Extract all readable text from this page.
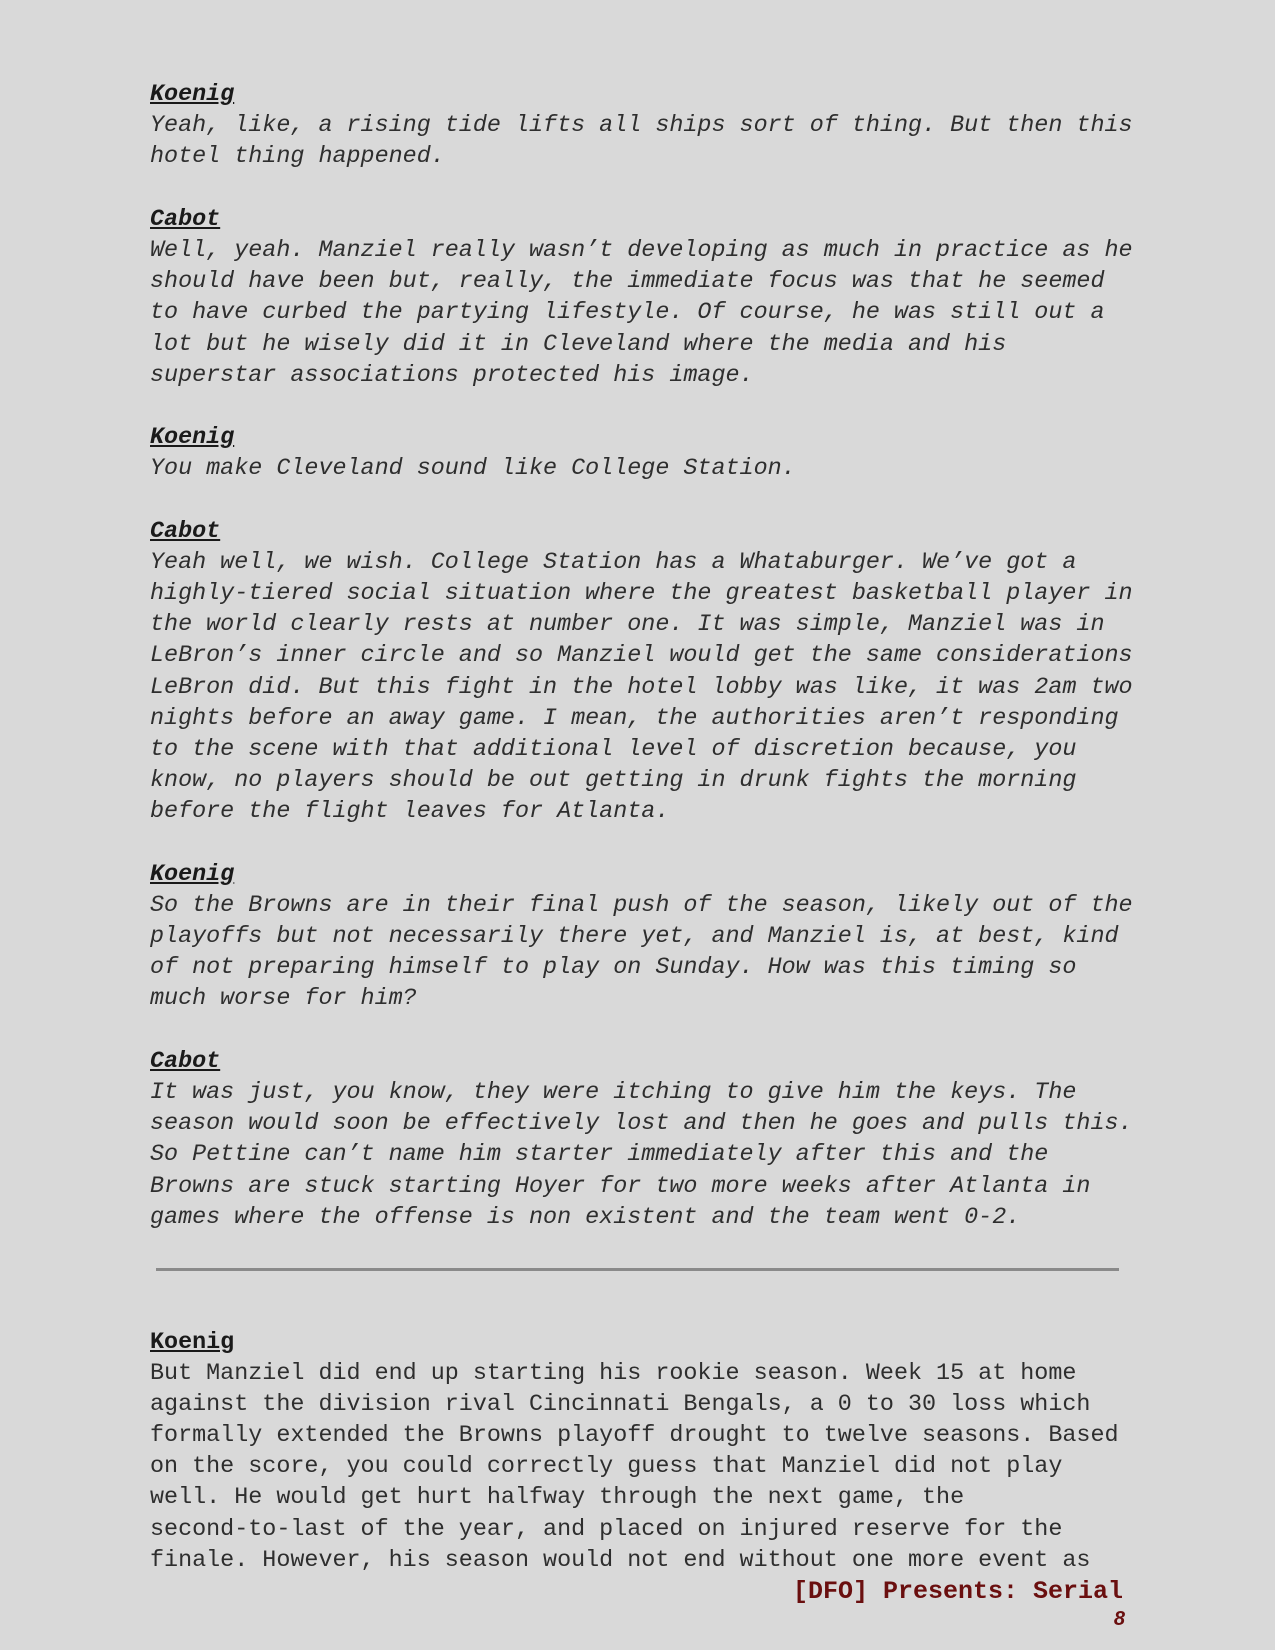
Koenig
Yeah, like, a rising tide lifts all ships sort of thing. But then this
hotel thing happened.
Cabot
Well, yeah. Manziel really wasn’t developing as much in practice as he
should have been but, really, the immediate focus was that he seemed
to have curbed the partying lifestyle. Of course, he was still out a
lot but he wisely did it in Cleveland where the media and his
superstar associations protected his image.
Koenig
You make Cleveland sound like College Station.
Cabot
Yeah well, we wish. College Station has a Whataburger. We’ve got a
highly-tiered social situation where the greatest basketball player in
the world clearly rests at number one. It was simple, Manziel was in
LeBron’s inner circle and so Manziel would get the same considerations
LeBron did. But this fight in the hotel lobby was like, it was 2am two
nights before an away game. I mean, the authorities aren’t responding
to the scene with that additional level of discretion because, you
know, no players should be out getting in drunk fights the morning
before the flight leaves for Atlanta.
Koenig
So the Browns are in their final push of the season, likely out of the
playoffs but not necessarily there yet, and Manziel is, at best, kind
of not preparing himself to play on Sunday. How was this timing so
much worse for him?
Cabot
It was just, you know, they were itching to give him the keys. The
season would soon be effectively lost and then he goes and pulls this.
So Pettine can’t name him starter immediately after this and the
Browns are stuck starting Hoyer for two more weeks after Atlanta in
games where the offense is non existent and the team went 0-2.
Koenig
But Manziel did end up starting his rookie season. Week 15 at home
against the division rival Cincinnati Bengals, a 0 to 30 loss which
formally extended the Browns playoff drought to twelve seasons. Based
on the score, you could correctly guess that Manziel did not play
well. He would get hurt halfway through the next game, the
second-to-last of the year, and placed on injured reserve for the
finale. However, his season would not end without one more event as
[DFO] Presents: Serial
8
